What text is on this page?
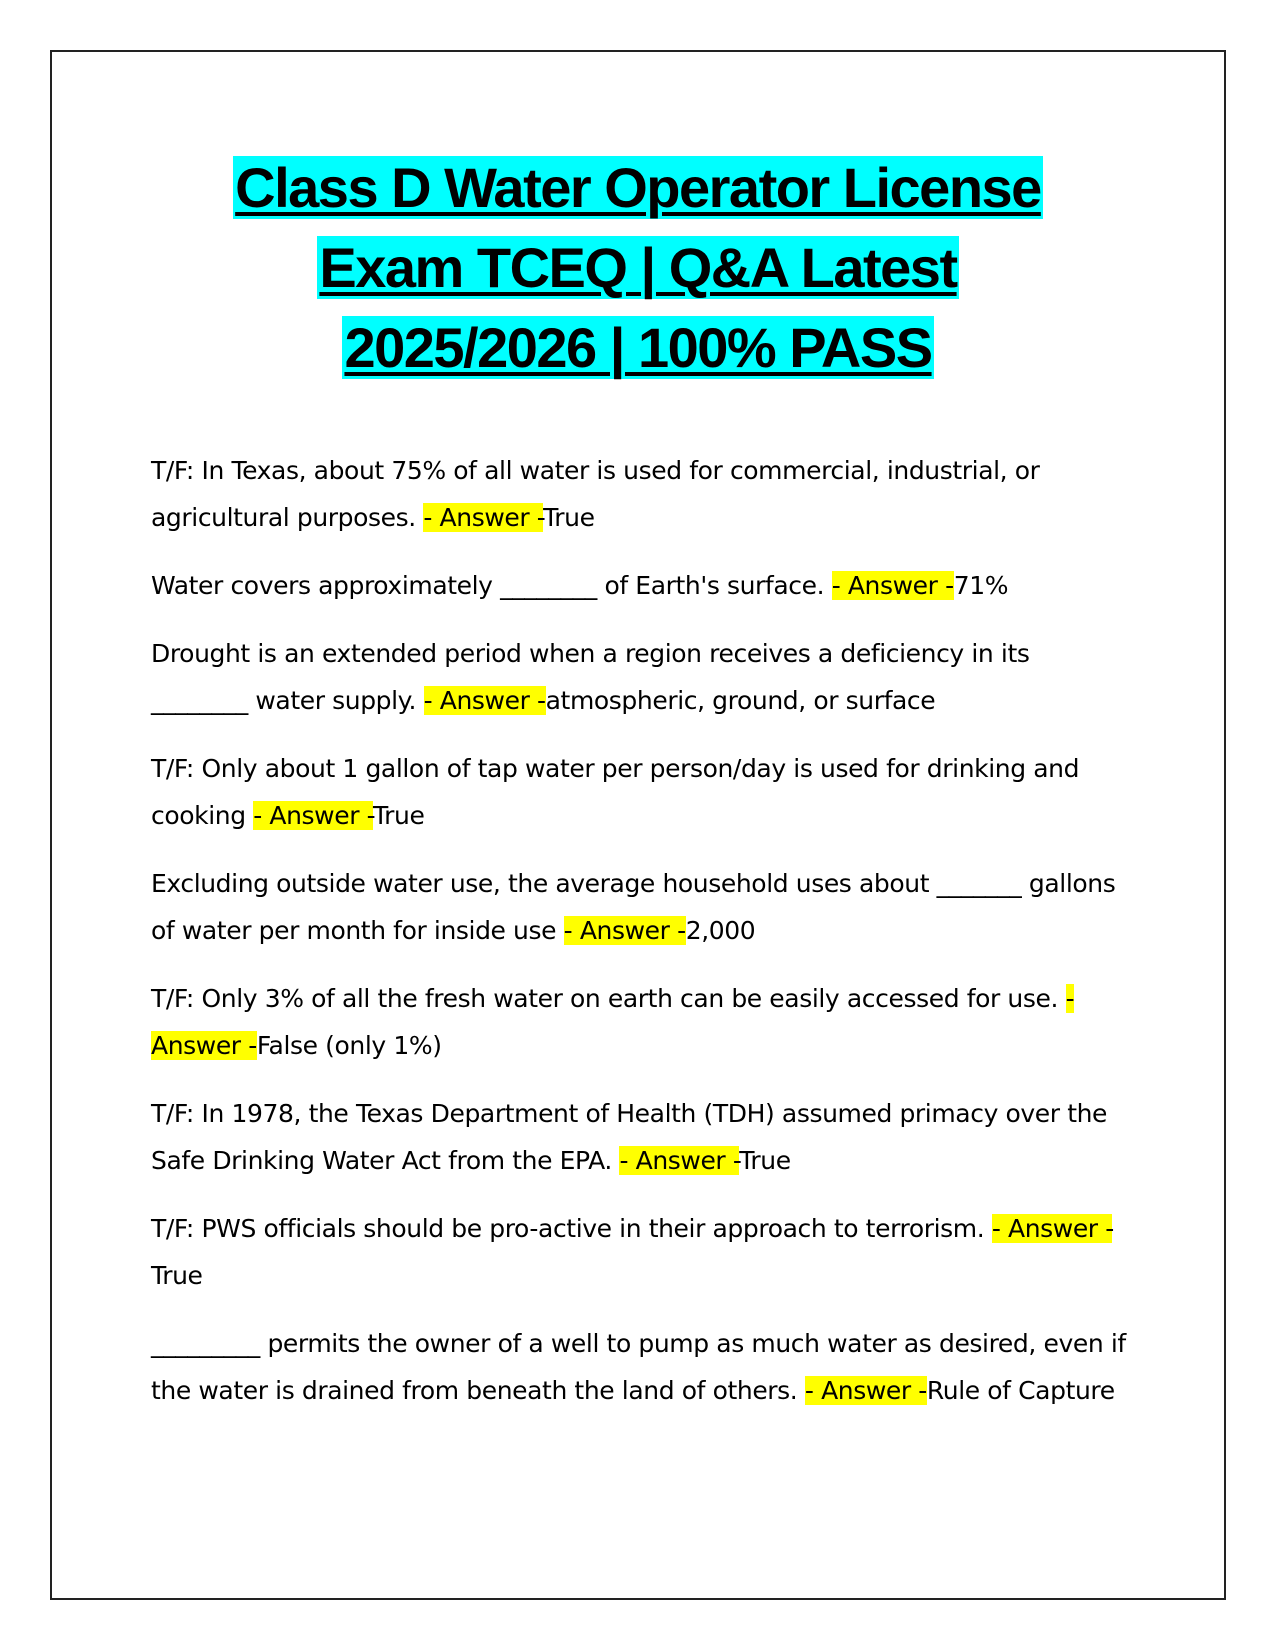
Class D Water Operator License
Exam TCEQ | Q&A Latest
2025/2026 | 100% PASS

T/F: In Texas, about 75% of all water is used for commercial, industrial, or agricultural purposes. - Answer -True

Water covers approximately ________ of Earth's surface. - Answer -71%

Drought is an extended period when a region receives a deficiency in its ________ water supply. - Answer -atmospheric, ground, or surface

T/F: Only about 1 gallon of tap water per person/day is used for drinking and cooking - Answer -True

Excluding outside water use, the average household uses about _______ gallons of water per month for inside use - Answer -2,000

T/F: Only 3% of all the fresh water on earth can be easily accessed for use. - Answer -False (only 1%)

T/F: In 1978, the Texas Department of Health (TDH) assumed primacy over the Safe Drinking Water Act from the EPA. - Answer -True

T/F: PWS officials should be pro-active in their approach to terrorism. - Answer -True

_________ permits the owner of a well to pump as much water as desired, even if the water is drained from beneath the land of others. - Answer -Rule of Capture
